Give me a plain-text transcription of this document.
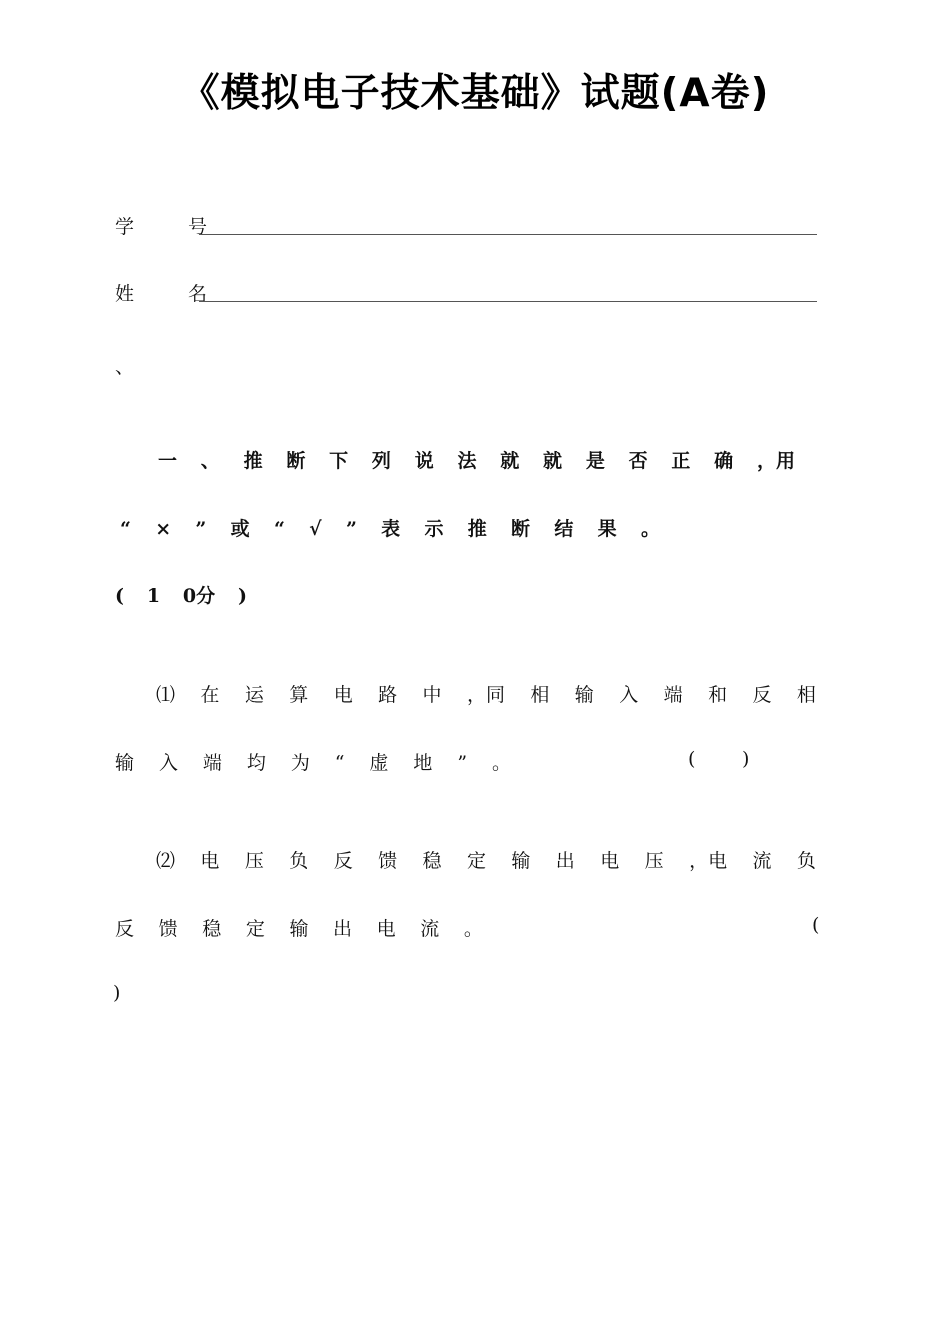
《模拟电子技术基础》试题(A卷)
学 号
姓 名
、
一 、 推 断 下 列 说 法 就 就 是 否 正 确 ，用
“ × ” 或 “ √ ” 表 示 推 断 结 果 。
( 1 0分 )
⑴ 在 运 算 电 路 中 ，同 相 输 入 端 和 反 相
输 入 端 均 为 “ 虚 地 ” 。	( )
⑵ 电 压 负 反 馈 稳 定 输 出 电 压 ，电 流 负
反 馈 稳 定 输 出 电 流 。	(
)
